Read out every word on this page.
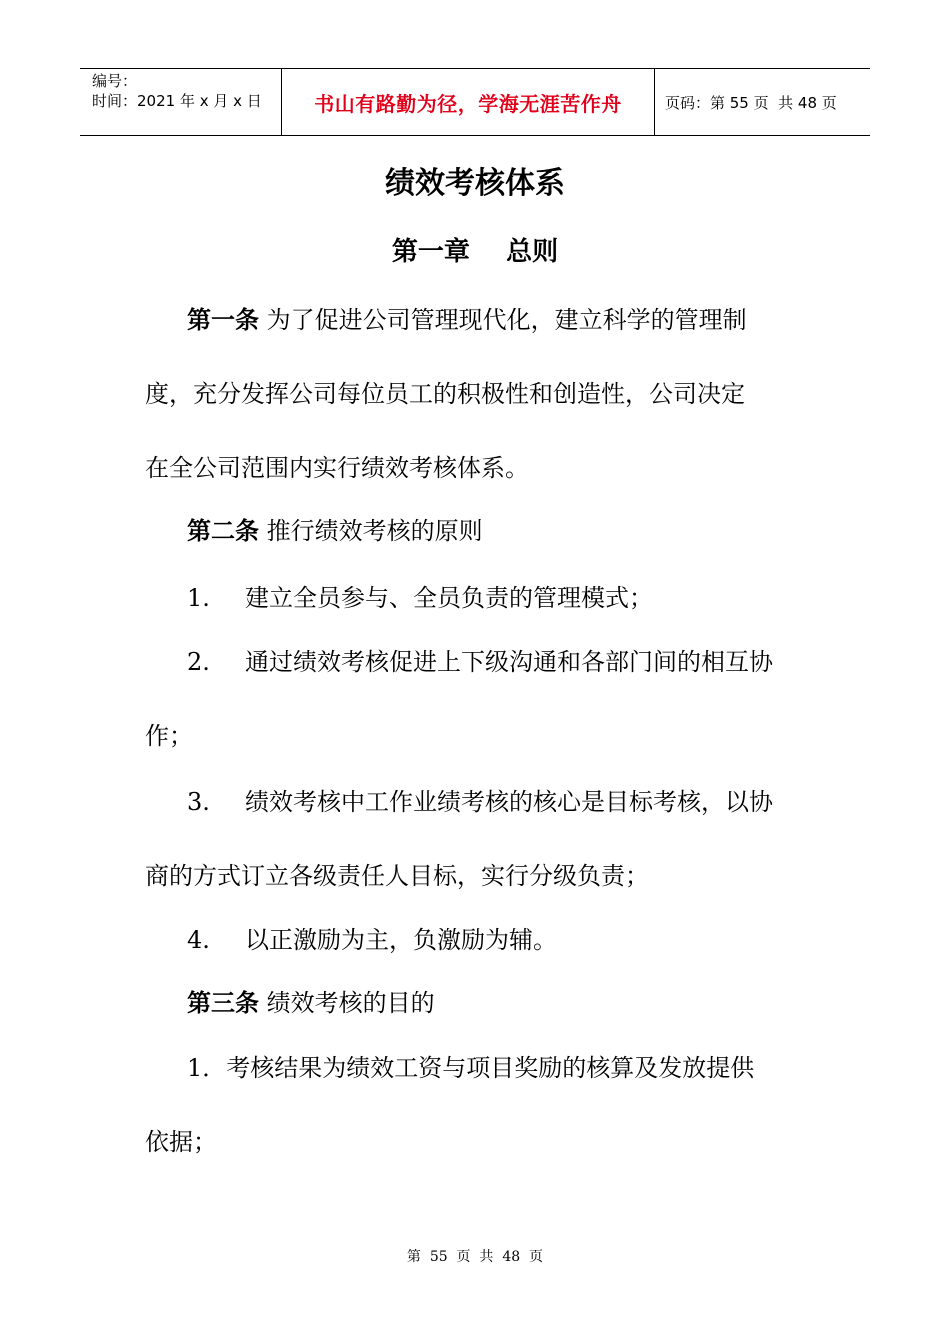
编号：
时间：2021 年 x 月 x 日	书山有路勤为径，学海无涯苦作舟	页码：第 55 页  共 48 页
绩效考核体系
第一章    总则
第一条 为了促进公司管理现代化，建立科学的管理制
度，充分发挥公司每位员工的积极性和创造性，公司决定
在全公司范围内实行绩效考核体系。
第二条 推行绩效考核的原则
1. 建立全员参与、全员负责的管理模式；
2. 通过绩效考核促进上下级沟通和各部门间的相互协
作；
3. 绩效考核中工作业绩考核的核心是目标考核，以协
商的方式订立各级责任人目标，实行分级负责；
4. 以正激励为主，负激励为辅。
第三条 绩效考核的目的
1．考核结果为绩效工资与项目奖励的核算及发放提供
依据；
第  55  页  共  48  页
